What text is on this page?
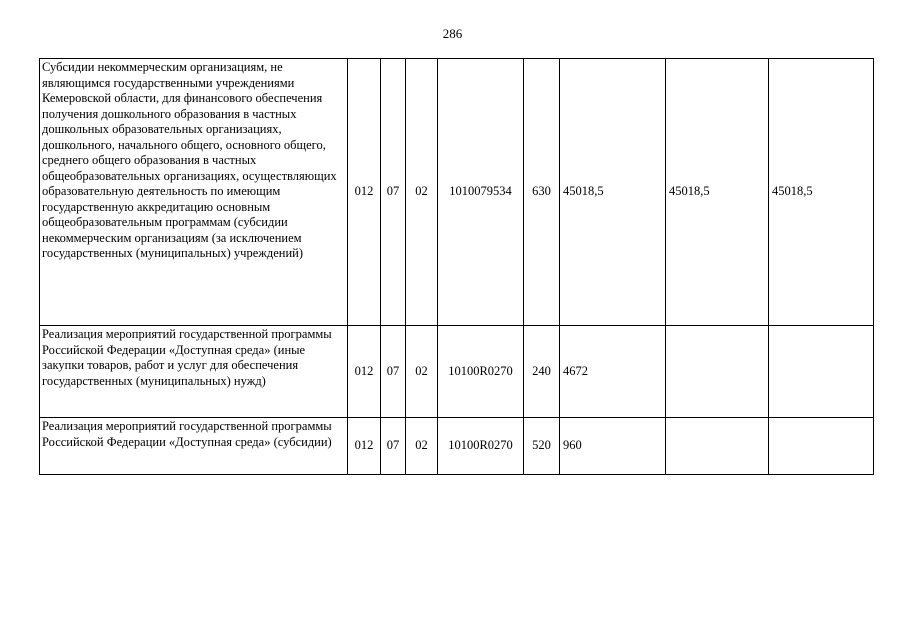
286
Субсидии некоммерческим организациям, не являющимся государственными учреждениями Кемеровской области, для финансового обеспечения получения дошкольного образования в частных дошкольных образовательных организациях, дошкольного, начального общего, основного общего, среднего общего образования в частных общеобразовательных организациях, осуществляющих образовательную деятельность по имеющим государственную аккредитацию основным общеобразовательным программам (субсидии некоммерческим организациям (за исключением государственных (муниципальных) учреждений)	012	07	02	1010079534	630	45018,5	45018,5	45018,5
Реализация мероприятий государственной программы Российской Федерации «Доступная среда» (иные закупки товаров, работ и услуг для обеспечения государственных (муниципальных) нужд)	012	07	02	10100R0270	240	4672		
Реализация мероприятий государственной программы Российской Федерации «Доступная среда» (субсидии)	012	07	02	10100R0270	520	960		
